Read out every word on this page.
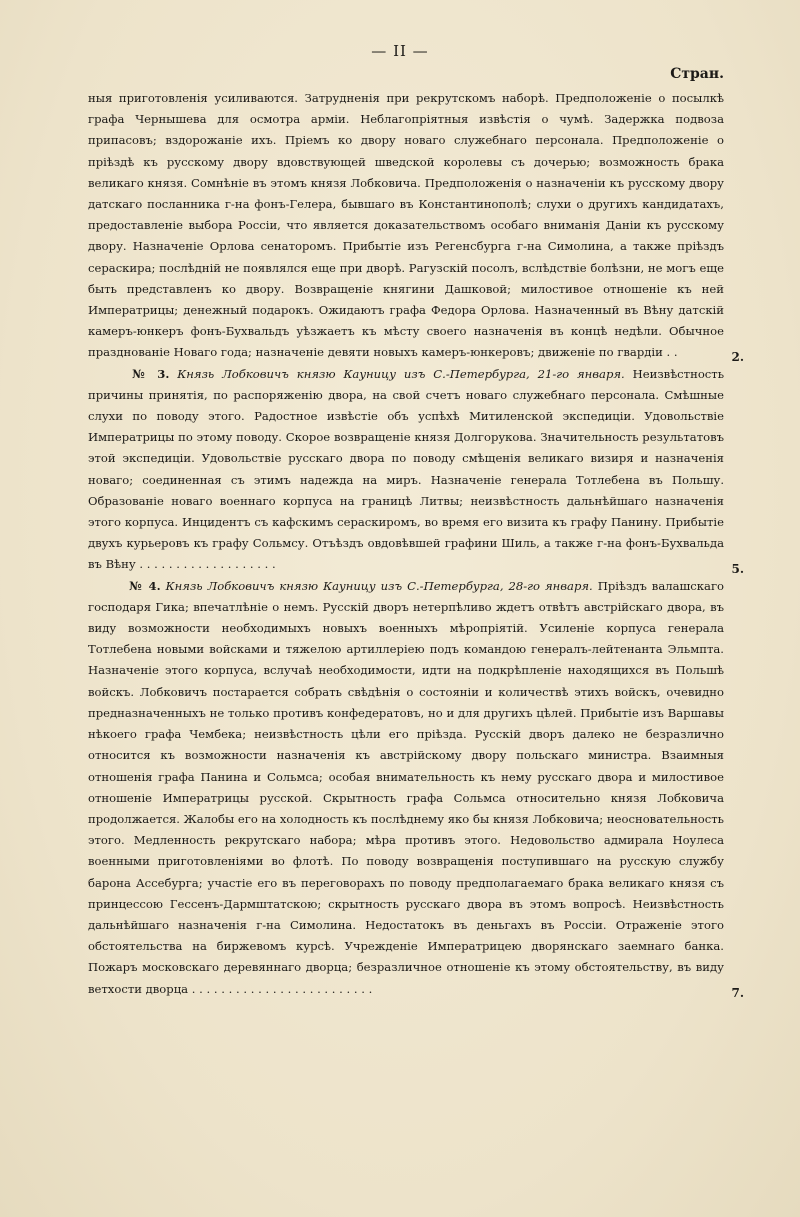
— II —
Стран.

ныя приготовленія усиливаются. Затрудненія при рекрутскомъ наборѣ. Предположеніе о посылкѣ графа Чернышева для осмотра арміи. Неблагопріятныя извѣстія о чумѣ. Задержка подвоза припасовъ; вздорожаніе ихъ. Пріемъ ко двору новаго служебнаго персонала. Предположеніе о пріѣздѣ къ русскому двору вдовствующей шведской королевы съ дочерью; возможность брака великаго князя. Сомнѣніе въ этомъ князя Лобковича. Предположенія о назначеніи къ русскому двору датскаго посланника г-на фонъ-Гелера, бывшаго въ Константинополѣ; слухи о другихъ кандидатахъ, предоставленіе выбора Россіи, что является доказательствомъ особаго вниманія Даніи къ русскому двору. Назначеніе Орлова сенаторомъ. Прибытіе изъ Регенсбурга г-на Симолина, а также пріѣздъ сераскира; послѣдній не появлялся еще при дворѣ. Рагузскій посолъ, вслѣдствіе болѣзни, не могъ еще быть представленъ ко двору. Возвращеніе княгини Дашковой; милостивое отношеніе къ ней Императрицы; денежный подарокъ. Ожидаютъ графа Федора Орлова. Назначенный въ Вѣну датскій камеръ-юнкеръ фонъ-Бухвальдъ уѣзжаетъ къ мѣсту своего назначенія въ концѣ недѣли. Обычное празднованіе Новаго года; назначеніе девяти новыхъ камеръ-юнкеровъ; движеніе по гвардіи . .	2.

№ 3. Князь Лобковичъ князю Кауницу изъ С.-Петербурга, 21-го января. Неизвѣстность причины принятія, по распоряженію двора, на свой счетъ новаго служебнаго персонала. Смѣшные слухи по поводу этого. Радостное извѣстіе объ успѣхѣ Митиленской экспедиціи. Удовольствіе Императрицы по этому поводу. Скорое возвращеніе князя Долгорукова. Значительность результатовъ этой экспедиціи. Удовольствіе русскаго двора по поводу смѣщенія великаго визиря и назначенія новаго; соединенная съ этимъ надежда на миръ. Назначеніе генерала Тотлебена въ Польшу. Образованіе новаго военнаго корпуса на границѣ Литвы; неизвѣстность дальнѣйшаго назначенія этого корпуса. Инцидентъ съ кафскимъ сераскиромъ, во время его визита къ графу Панину. Прибытіе двухъ курьеровъ къ графу Сольмсу. Отъѣздъ овдовѣвшей графини Шиль, а также г-на фонъ-Бухвальда въ Вѣну . . . . . . . . . . . . . . . . . . .	5.

№ 4. Князь Лобковичъ князю Кауницу изъ С.-Петербурга, 28-го января. Пріѣздъ валашскаго господаря Гика; впечатлѣніе о немъ. Русскій дворъ нетерпѣливо ждетъ отвѣтъ австрійскаго двора, въ виду возможности необходимыхъ новыхъ военныхъ мѣропріятій. Усиленіе корпуса генерала Тотлебена новыми войсками и тяжелою артиллеріею подъ командою генералъ-лейтенанта Эльмпта. Назначеніе этого корпуса, вслучаѣ необходимости, идти на подкрѣпленіе находящихся въ Польшѣ войскъ. Лобковичъ постарается собрать свѣдѣнія о состояніи и количествѣ этихъ войскъ, очевидно предназначенныхъ не только противъ конфедератовъ, но и для другихъ цѣлей. Прибытіе изъ Варшавы нѣкоего графа Чембека; неизвѣстность цѣли его пріѣзда. Русскій дворъ далеко не безразлично относится къ возможности назначенія къ австрійскому двору польскаго министра. Взаимныя отношенія графа Панина и Сольмса; особая внимательность къ нему русскаго двора и милостивое отношеніе Императрицы русской. Скрытность графа Сольмса относительно князя Лобковича продолжается. Жалобы его на холодность къ послѣднему яко бы князя Лобковича; неосновательность этого. Медленность рекрутскаго набора; мѣра противъ этого. Недовольство адмирала Ноулеса военными приготовленіями во флотѣ. По поводу возвращенія поступившаго на русскую службу барона Ассебурга; участіе его въ переговорахъ по поводу предполагаемаго брака великаго князя съ принцессою Гессенъ-Дармштатскою; скрытность русскаго двора въ этомъ вопросѣ. Неизвѣстность дальнѣйшаго назначенія г-на Симолина. Недостатокъ въ деньгахъ въ Россіи. Отраженіе этого обстоятельства на биржевомъ курсѣ. Учрежденіе Императрицею дворянскаго заемнаго банка. Пожаръ московскаго деревяннаго дворца; безразличное отношеніе къ этому обстоятельству, въ виду ветхости дворца . . . . . . . . . . . . . . . . . . . . . . . . .	7.
